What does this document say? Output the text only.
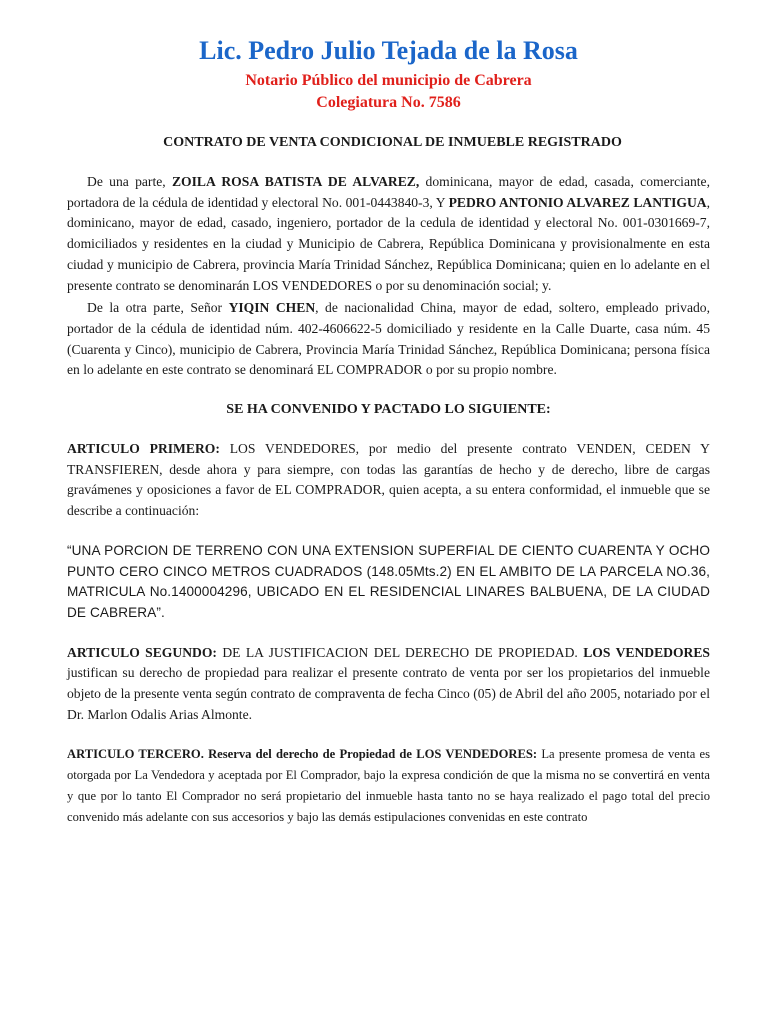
Lic. Pedro Julio Tejada de la Rosa

Notario Público del municipio de Cabrera

Colegiatura No. 7586

CONTRATO DE VENTA CONDICIONAL DE INMUEBLE REGISTRADO

De una parte, ZOILA ROSA BATISTA DE ALVAREZ, dominicana, mayor de edad, casada, comerciante, portadora de la cédula de identidad y electoral No. 001-0443840-3, Y PEDRO ANTONIO ALVAREZ LANTIGUA, dominicano, mayor de edad, casado, ingeniero, portador de la cedula de identidad y electoral No. 001-0301669-7, domiciliados y residentes en la ciudad y Municipio de Cabrera, República Dominicana y provisionalmente en esta ciudad y municipio de Cabrera, provincia María Trinidad Sánchez, República Dominicana; quien en lo adelante en el presente contrato se denominarán LOS VENDEDORES o por su denominación social; y.

De la otra parte, Señor YIQIN CHEN, de nacionalidad China, mayor de edad, soltero, empleado privado, portador de la cédula de identidad núm. 402-4606622-5 domiciliado y residente en la Calle Duarte, casa núm. 45 (Cuarenta y Cinco), municipio de Cabrera, Provincia María Trinidad Sánchez, República Dominicana; persona física en lo adelante en este contrato se denominará EL COMPRADOR o por su propio nombre.

SE HA CONVENIDO Y PACTADO LO SIGUIENTE:

ARTICULO PRIMERO: LOS VENDEDORES, por medio del presente contrato VENDEN, CEDEN Y TRANSFIEREN, desde ahora y para siempre, con todas las garantías de hecho y de derecho, libre de cargas gravámenes y oposiciones a favor de EL COMPRADOR, quien acepta, a su entera conformidad, el inmueble que se describe a continuación:

“UNA PORCION DE TERRENO CON UNA EXTENSION SUPERFIAL DE CIENTO CUARENTA Y OCHO PUNTO CERO CINCO METROS CUADRADOS (148.05Mts.2) EN EL AMBITO DE LA PARCELA NO.36, MATRICULA No.1400004296, UBICADO EN EL RESIDENCIAL LINARES BALBUENA, DE LA CIUDAD DE CABRERA”.

ARTICULO SEGUNDO: DE LA JUSTIFICACION DEL DERECHO DE PROPIEDAD. LOS VENDEDORES justifican su derecho de propiedad para realizar el presente contrato de venta por ser los propietarios del inmueble objeto de la presente venta según contrato de compraventa de fecha Cinco (05) de Abril del año 2005, notariado por el Dr. Marlon Odalis Arias Almonte.

ARTICULO TERCERO. Reserva del derecho de Propiedad de LOS VENDEDORES: La presente promesa de venta es otorgada por La Vendedora y aceptada por El Comprador, bajo la expresa condición de que la misma no se convertirá en venta y que por lo tanto El Comprador no será propietario del inmueble hasta tanto no se haya realizado el pago total del precio convenido más adelante con sus accesorios y bajo las demás estipulaciones convenidas en este contrato
